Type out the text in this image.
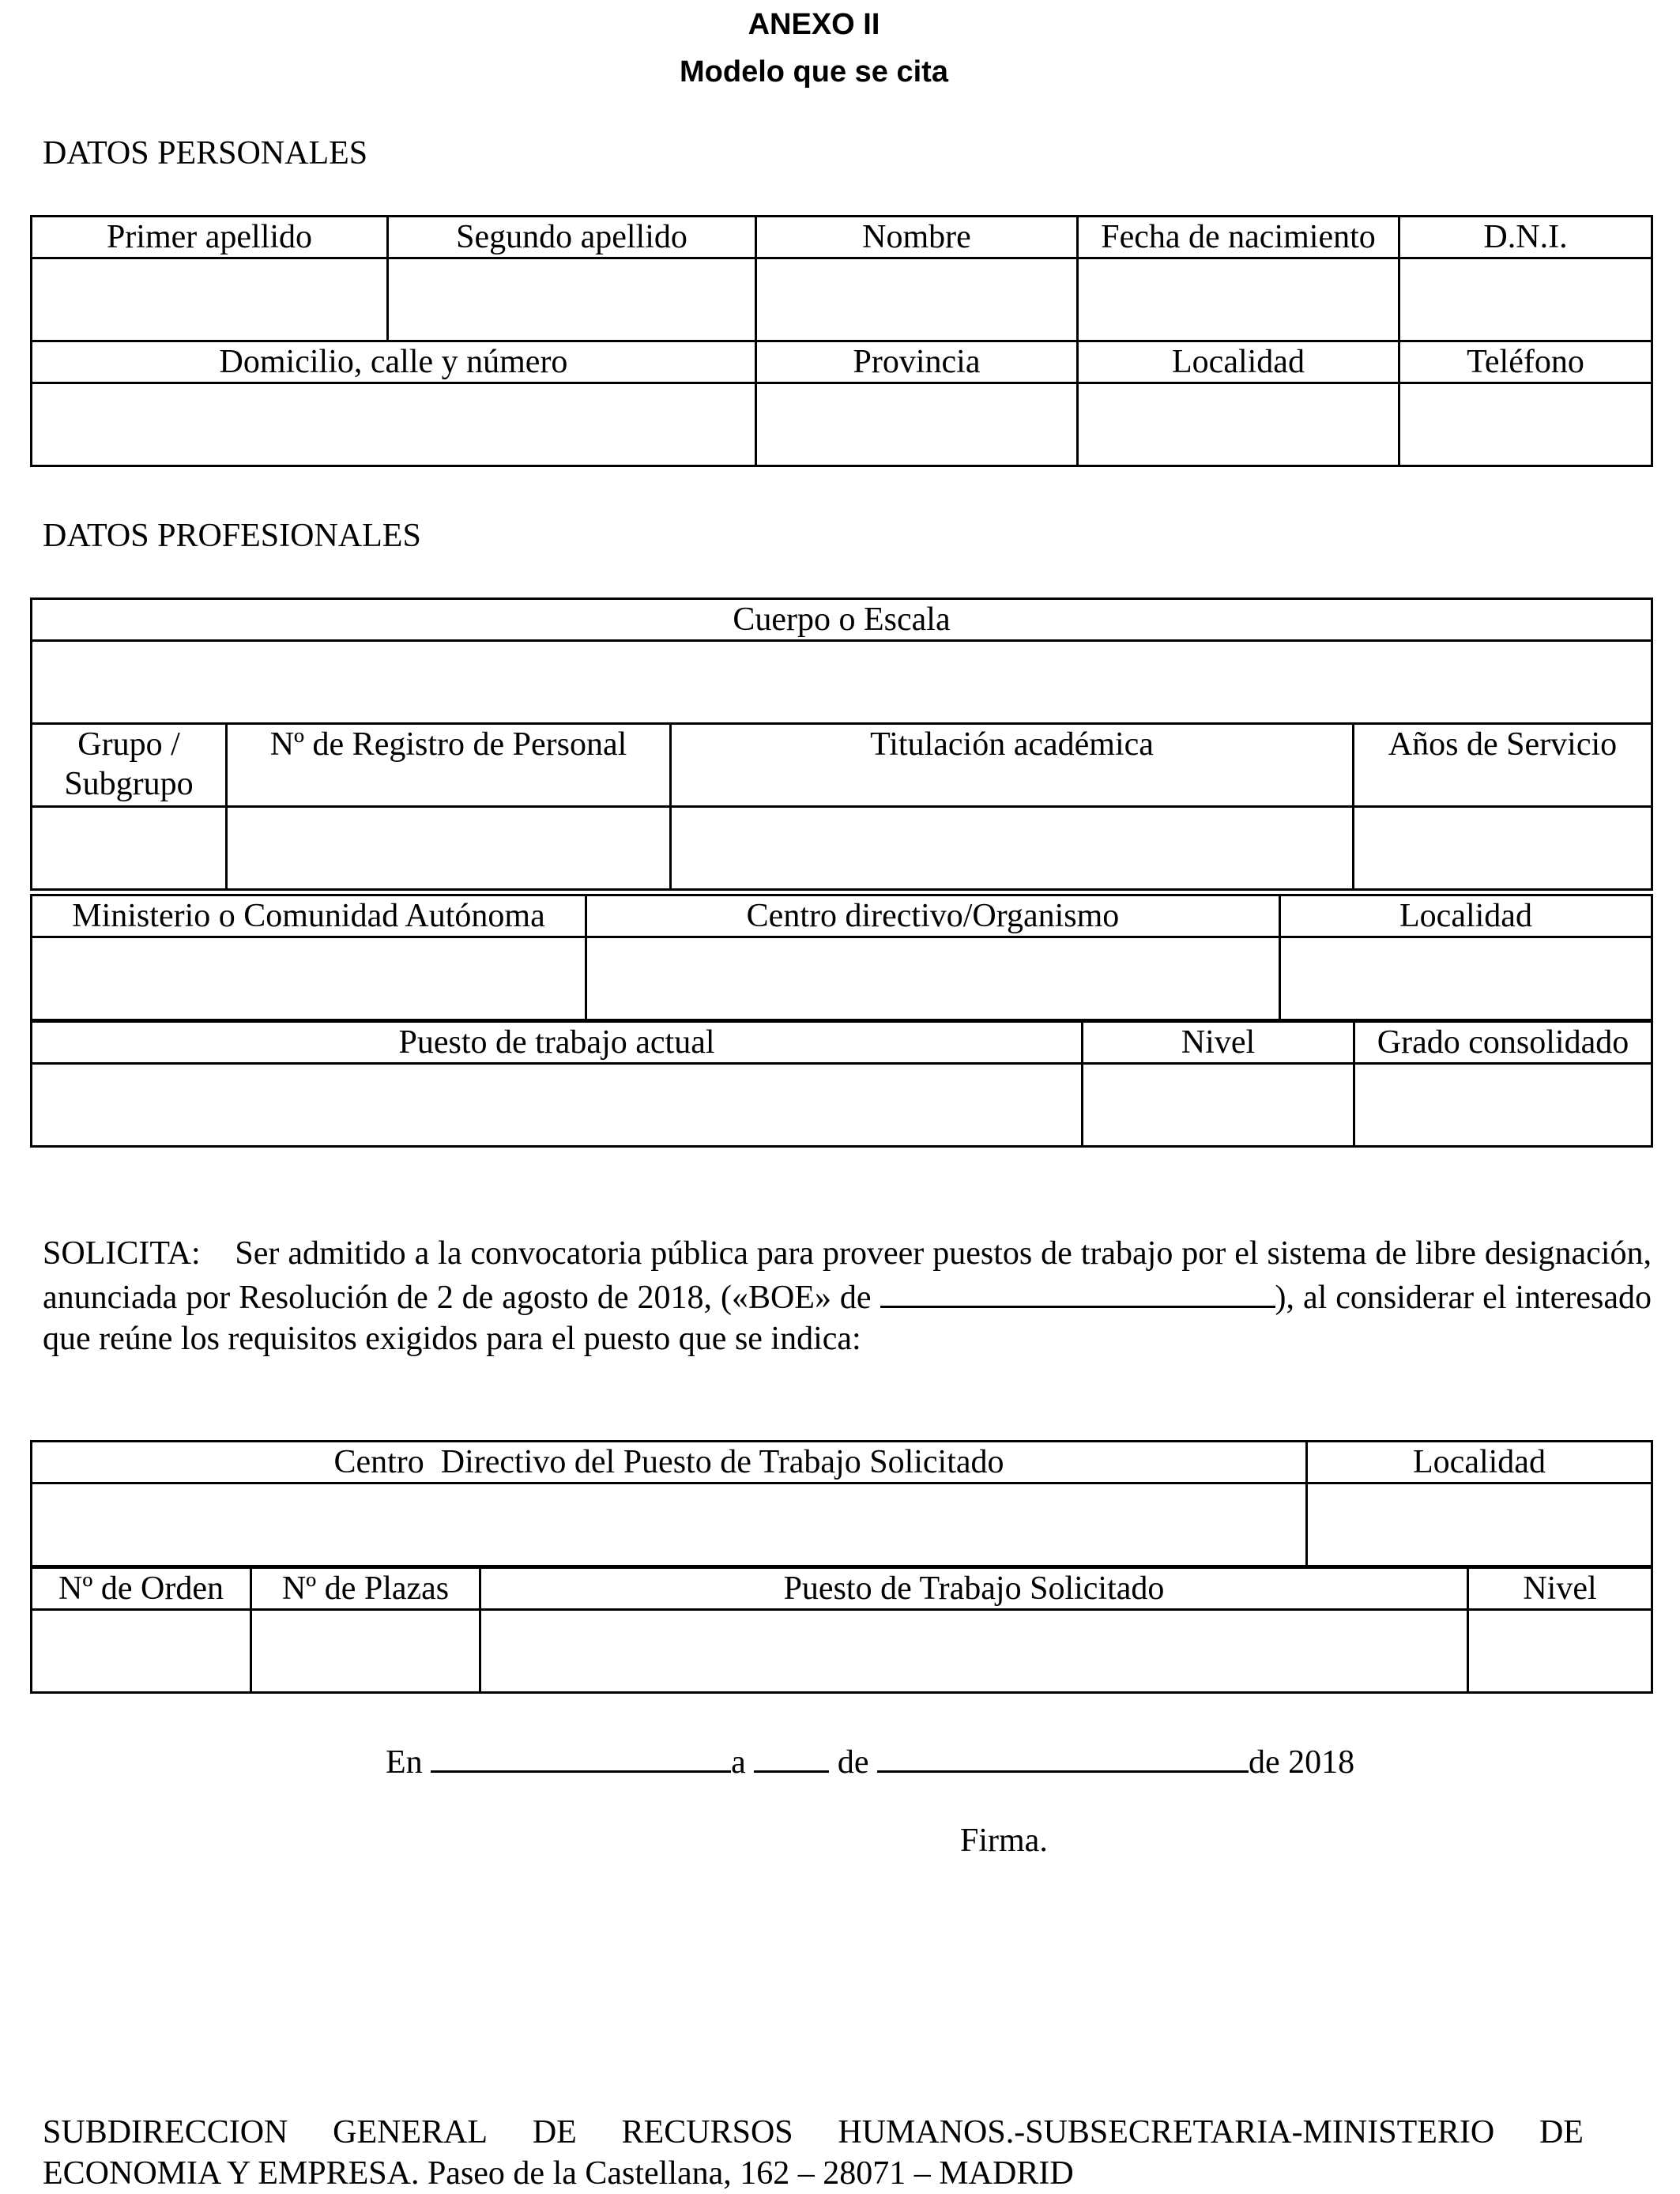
ANEXO II
Modelo que se cita
DATOS PERSONALES
Primer apellido	Segundo apellido	Nombre	Fecha de nacimiento	D.N.I.

Domicilio, calle y número		Provincia	Localidad	Teléfono

DATOS PROFESIONALES
Cuerpo o Escala			

Grupo / Subgrupo	Nº de Registro de Personal	Titulación académica	Años de Servicio

Ministerio o Comunidad Autónoma	Centro directivo/Organismo	Localidad

Puesto de trabajo actual	Nivel	Grado consolidado

SOLICITA: Ser admitido a la convocatoria pública para proveer puestos de trabajo por el sistema de libre designación, anunciada por Resolución de 2 de agosto de 2018, («BOE» de	), al considerar el interesado que reúne los requisitos exigidos para el puesto que se indica:
Centro  Directivo del Puesto de Trabajo Solicitado	Localidad

Nº de Orden	Nº de Plazas	Puesto de Trabajo Solicitado	Nivel

En	a	de	de 2018
Firma.
SUBDIRECCION GENERAL DE RECURSOS HUMANOS.-SUBSECRETARIA-MINISTERIO DE
ECONOMIA Y EMPRESA. Paseo de la Castellana, 162 – 28071 – MADRID
